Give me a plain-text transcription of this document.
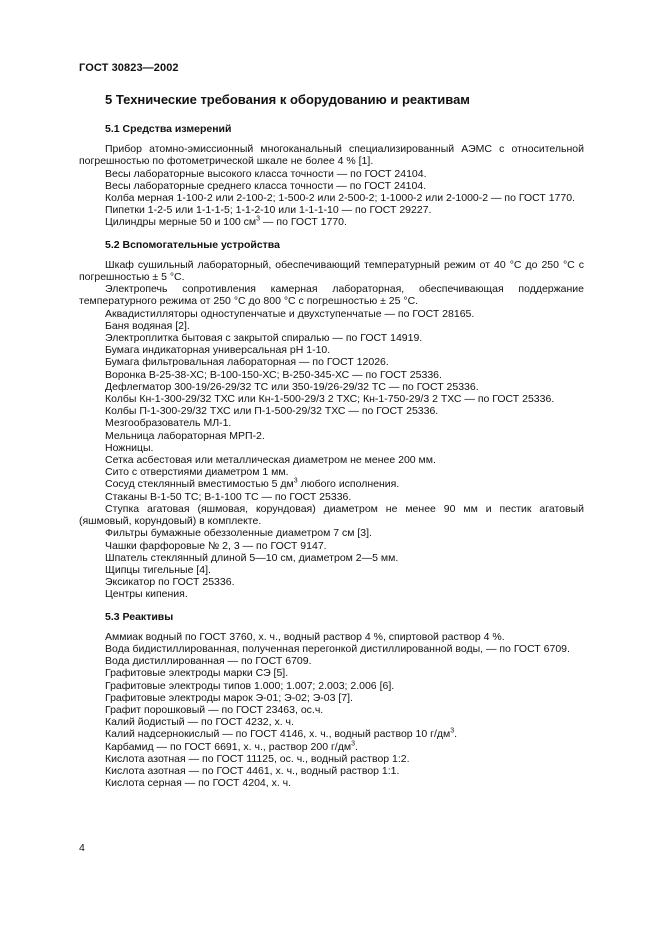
ГОСТ 30823—2002
5 Технические требования к оборудованию и реактивам
5.1 Средства измерений

Прибор атомно-эмиссионный многоканальный специализированный АЭМС с относительной погрешностью по фотометрической шкале не более 4 % [1].

Весы лабораторные высокого класса точности — по ГОСТ 24104.

Весы лабораторные среднего класса точности — по ГОСТ 24104.

Колба мерная 1-100-2 или 2-100-2; 1-500-2 или 2-500-2; 1-1000-2 или 2-1000-2 — по ГОСТ 1770.

Пипетки 1-2-5 или 1-1-1-5; 1-1-2-10 или 1-1-1-10 — по ГОСТ 29227.

Цилиндры мерные 50 и 100 $см^3$ — по ГОСТ 1770.

5.2 Вспомогательные устройства

Шкаф сушильный лабораторный, обеспечивающий температурный режим от 40 °С до 250 °С с погрешностью ± 5 °С.

Электропечь сопротивления камерная лабораторная, обеспечивающая поддержание температурного режима от 250 °С до 800 °С с погрешностью ± 25 °С.

Аквадистилляторы одноступенчатые и двухступенчатые — по ГОСТ 28165.

Баня водяная [2].

Электроплитка бытовая с закрытой спиралью — по ГОСТ 14919.

Бумага индикаторная универсальная pH 1-10.

Бумага фильтровальная лабораторная — по ГОСТ 12026.

Воронка В-25-38-ХС; В-100-150-ХС; В-250-345-ХС — по ГОСТ 25336.

Дефлегматор 300-19/26-29/32 ТС или 350-19/26-29/32 ТС — по ГОСТ 25336.

Колбы Кн-1-300-29/32 ТХС или Кн-1-500-29/3 2 ТХС; Кн-1-750-29/3 2 ТХС — по ГОСТ 25336.

Колбы П-1-300-29/32 ТХС или П-1-500-29/32 ТХС — по ГОСТ 25336.

Мезгообразователь МЛ-1.

Мельница лабораторная МРП-2.

Ножницы.

Сетка асбестовая или металлическая диаметром не менее 200 мм.

Сито с отверстиями диаметром 1 мм.

Сосуд стеклянный вместимостью 5 $дм^3$ любого исполнения.

Стаканы В-1-50 ТС; В-1-100 ТС — по ГОСТ 25336.

Ступка агатовая (яшмовая, корундовая) диаметром не менее 90 мм и пестик агатовый (яшмовый, корундовый) в комплекте.

Фильтры бумажные обеззоленные диаметром 7 см [3].

Чашки фарфоровые № 2, 3 — по ГОСТ 9147.

Шпатель стеклянный длиной 5—10 см, диаметром 2—5 мм.

Щипцы тигельные [4].

Эксикатор по ГОСТ 25336.

Центры кипения.

5.3 Реактивы

Аммиак водный по ГОСТ 3760, х. ч., водный раствор 4 %, спиртовой раствор 4 %.

Вода бидистиллированная, полученная перегонкой дистиллированной воды, — по ГОСТ 6709.

Вода дистиллированная — по ГОСТ 6709.

Графитовые электроды марки СЭ [5].

Графитовые электроды типов 1.000; 1.007; 2.003; 2.006 [6].

Графитовые электроды марок Э-01; Э-02; Э-03 [7].

Графит порошковый — по ГОСТ 23463, ос.ч.

Калий йодистый — по ГОСТ 4232, х. ч.

Калий надсернокислый — по ГОСТ 4146, х. ч., водный раствор 10 $г/дм^3$.

Карбамид — по ГОСТ 6691, х. ч., раствор 200 $г/дм^3$.

Кислота азотная — по ГОСТ 11125, ос. ч., водный раствор 1:2.

Кислота азотная — по ГОСТ 4461, х. ч., водный раствор 1:1.

Кислота серная — по ГОСТ 4204, х. ч.

4
